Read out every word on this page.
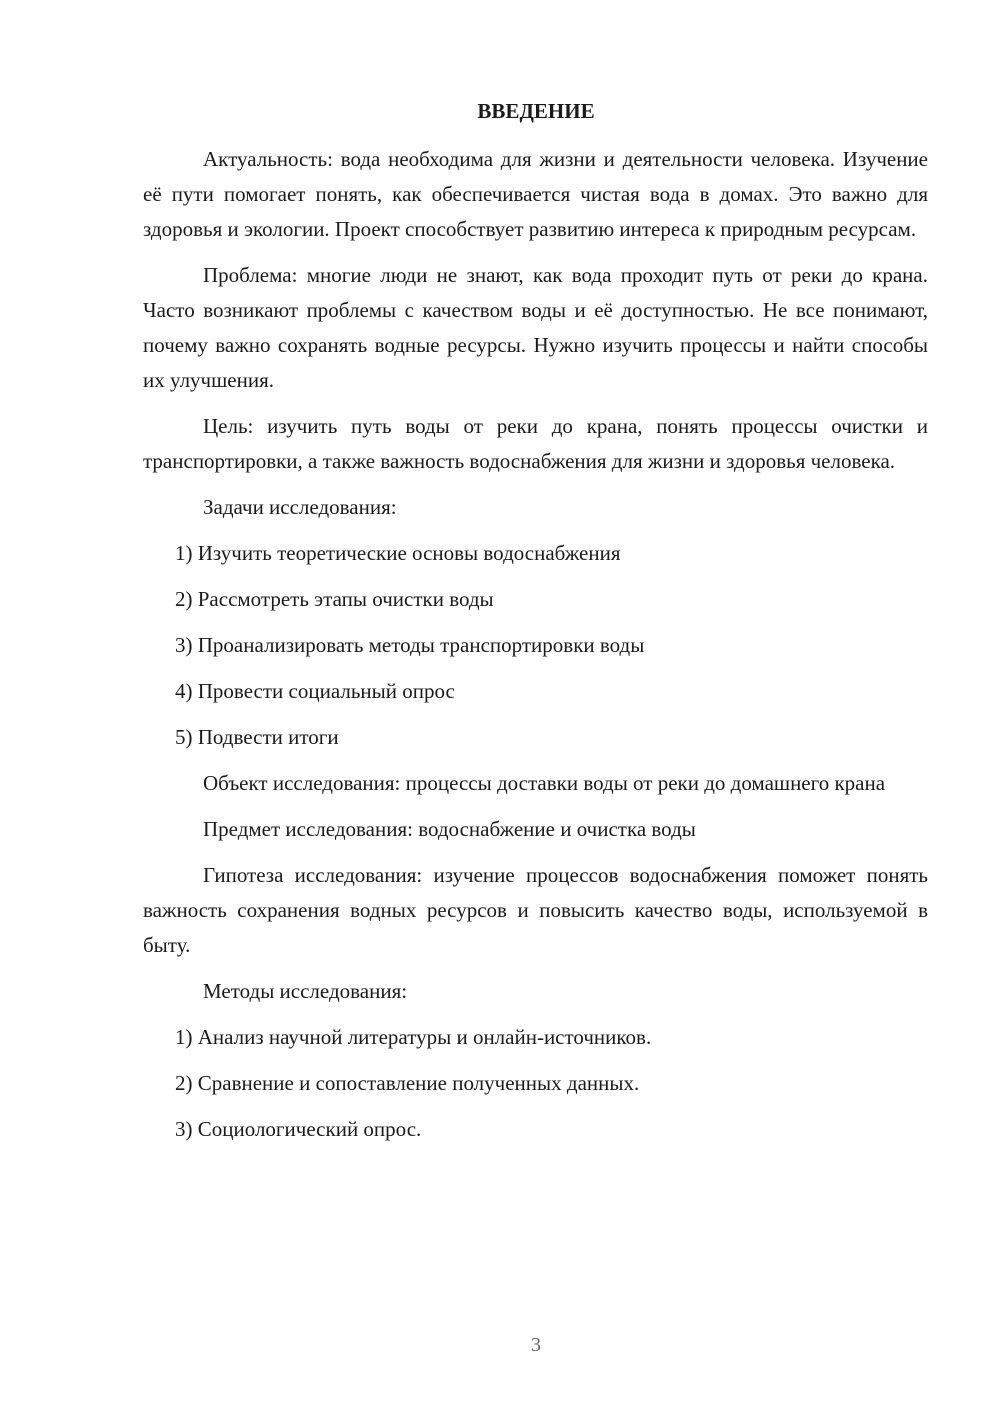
ВВЕДЕНИЕ

Актуальность: вода необходима для жизни и деятельности человека. Изучение её пути помогает понять, как обеспечивается чистая вода в домах. Это важно для здоровья и экологии. Проект способствует развитию интереса к природным ресурсам.

Проблема: многие люди не знают, как вода проходит путь от реки до крана. Часто возникают проблемы с качеством воды и её доступностью. Не все понимают, почему важно сохранять водные ресурсы. Нужно изучить процессы и найти способы их улучшения.

Цель: изучить путь воды от реки до крана, понять процессы очистки и транспортировки, а также важность водоснабжения для жизни и здоровья человека.

Задачи исследования:

1) Изучить теоретические основы водоснабжения
2) Рассмотреть этапы очистки воды
3) Проанализировать методы транспортировки воды
4) Провести социальный опрос
5) Подвести итоги

Объект исследования: процессы доставки воды от реки до домашнего крана

Предмет исследования: водоснабжение и очистка воды

Гипотеза исследования: изучение процессов водоснабжения поможет понять важность сохранения водных ресурсов и повысить качество воды, используемой в быту.

Методы исследования:

1) Анализ научной литературы и онлайн-источников.
2) Сравнение и сопоставление полученных данных.
3) Социологический опрос.
3
